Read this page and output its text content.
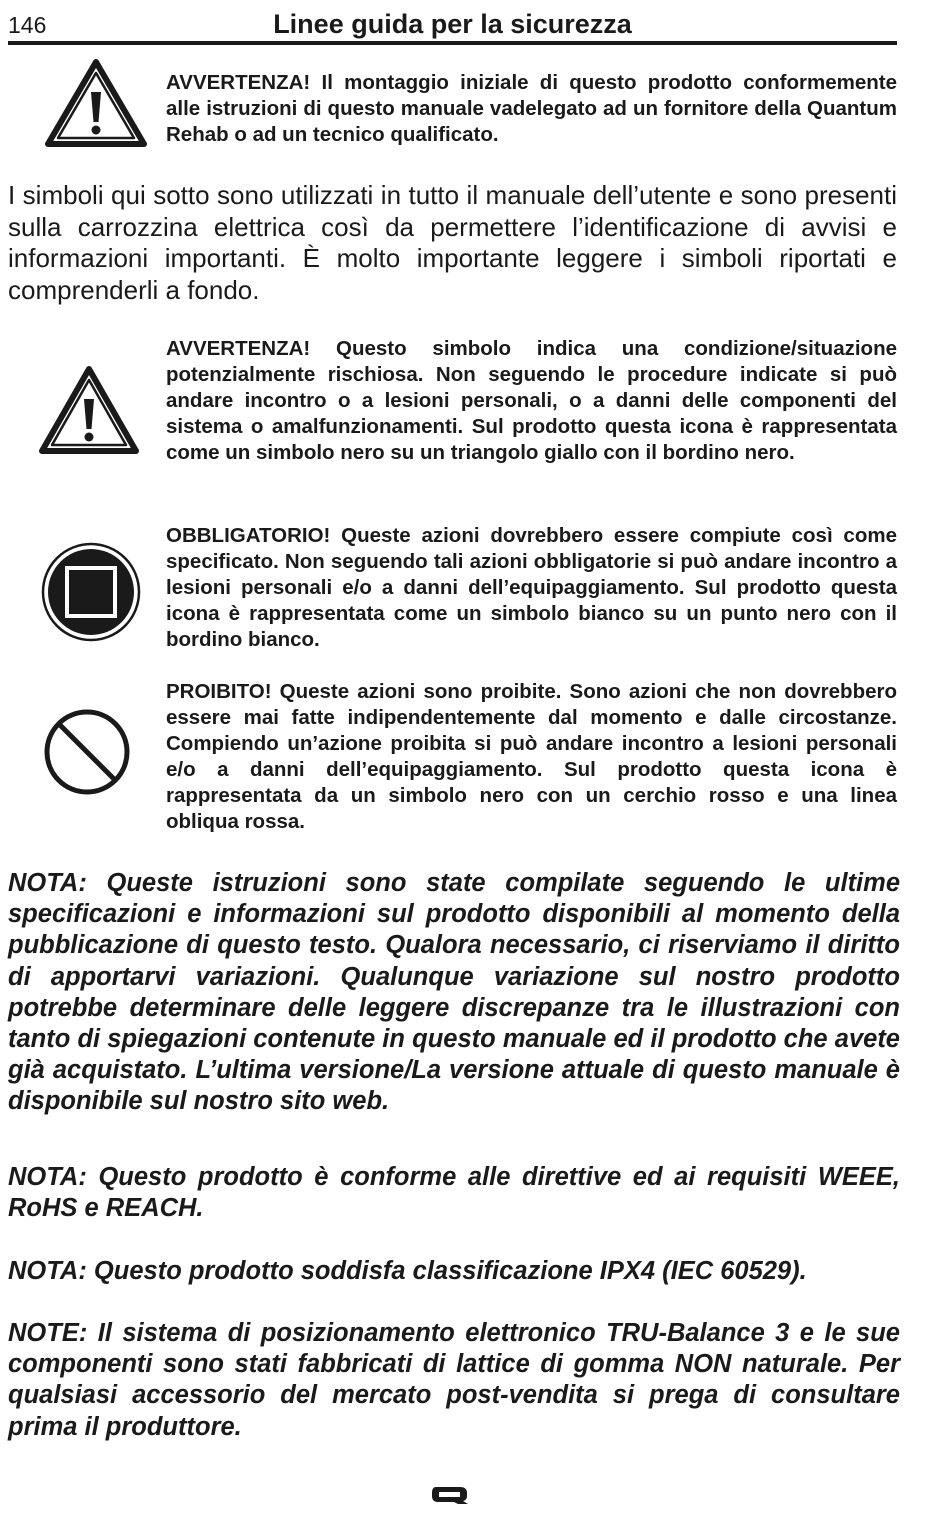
146	Linee guida per la sicurezza

AVVERTENZA! Il montaggio iniziale di questo prodotto conformemente alle istruzioni di questo manuale vadelegato ad un fornitore della Quantum Rehab o ad un tecnico qualificato.

I simboli qui sotto sono utilizzati in tutto il manuale dell’utente e sono presenti sulla carrozzina elettrica così da permettere l’identificazione di avvisi e informazioni importanti. È molto importante leggere i simboli riportati e comprenderli a fondo.

AVVERTENZA! Questo simbolo indica una condizione/situazione potenzialmente rischiosa. Non seguendo le procedure indicate si può andare incontro o a lesioni personali, o a danni delle componenti del sistema o amalfunzionamenti. Sul prodotto questa icona è rappresentata come un simbolo nero su un triangolo giallo con il bordino nero.

OBBLIGATORIO! Queste azioni dovrebbero essere compiute così come specificato. Non seguendo tali azioni obbligatorie si può andare incontro a lesioni personali e/o a danni dell’equipaggiamento. Sul prodotto questa icona è rappresentata come un simbolo bianco su un punto nero con il bordino bianco.

PROIBITO! Queste azioni sono proibite. Sono azioni che non dovrebbero essere mai fatte indipendentemente dal momento e dalle circostanze. Compiendo un’azione proibita si può andare incontro a lesioni personali e/o a danni dell’equipaggiamento. Sul prodotto questa icona è rappresentata da un simbolo nero con un cerchio rosso e una linea obliqua rossa.

NOTA: Queste istruzioni sono state compilate seguendo le ultime specificazioni e informazioni sul prodotto disponibili al momento della pubblicazione di questo testo. Qualora necessario, ci riserviamo il diritto di apportarvi variazioni. Qualunque variazione sul nostro prodotto potrebbe determinare delle leggere discrepanze tra le illustrazioni con tanto di spiegazioni contenute in questo manuale ed il prodotto che avete già acquistato. L’ultima versione/La versione attuale di questo manuale è disponibile sul nostro sito web.

NOTA: Questo prodotto è conforme alle direttive ed ai requisiti WEEE, RoHS e REACH.

NOTA: Questo prodotto soddisfa classificazione IPX4 (IEC 60529).

NOTE: Il sistema di posizionamento elettronico TRU-Balance 3 e le sue componenti sono stati fabbricati di lattice di gomma NON naturale. Per qualsiasi accessorio del mercato post-vendita si prega di consultare prima il produttore.
